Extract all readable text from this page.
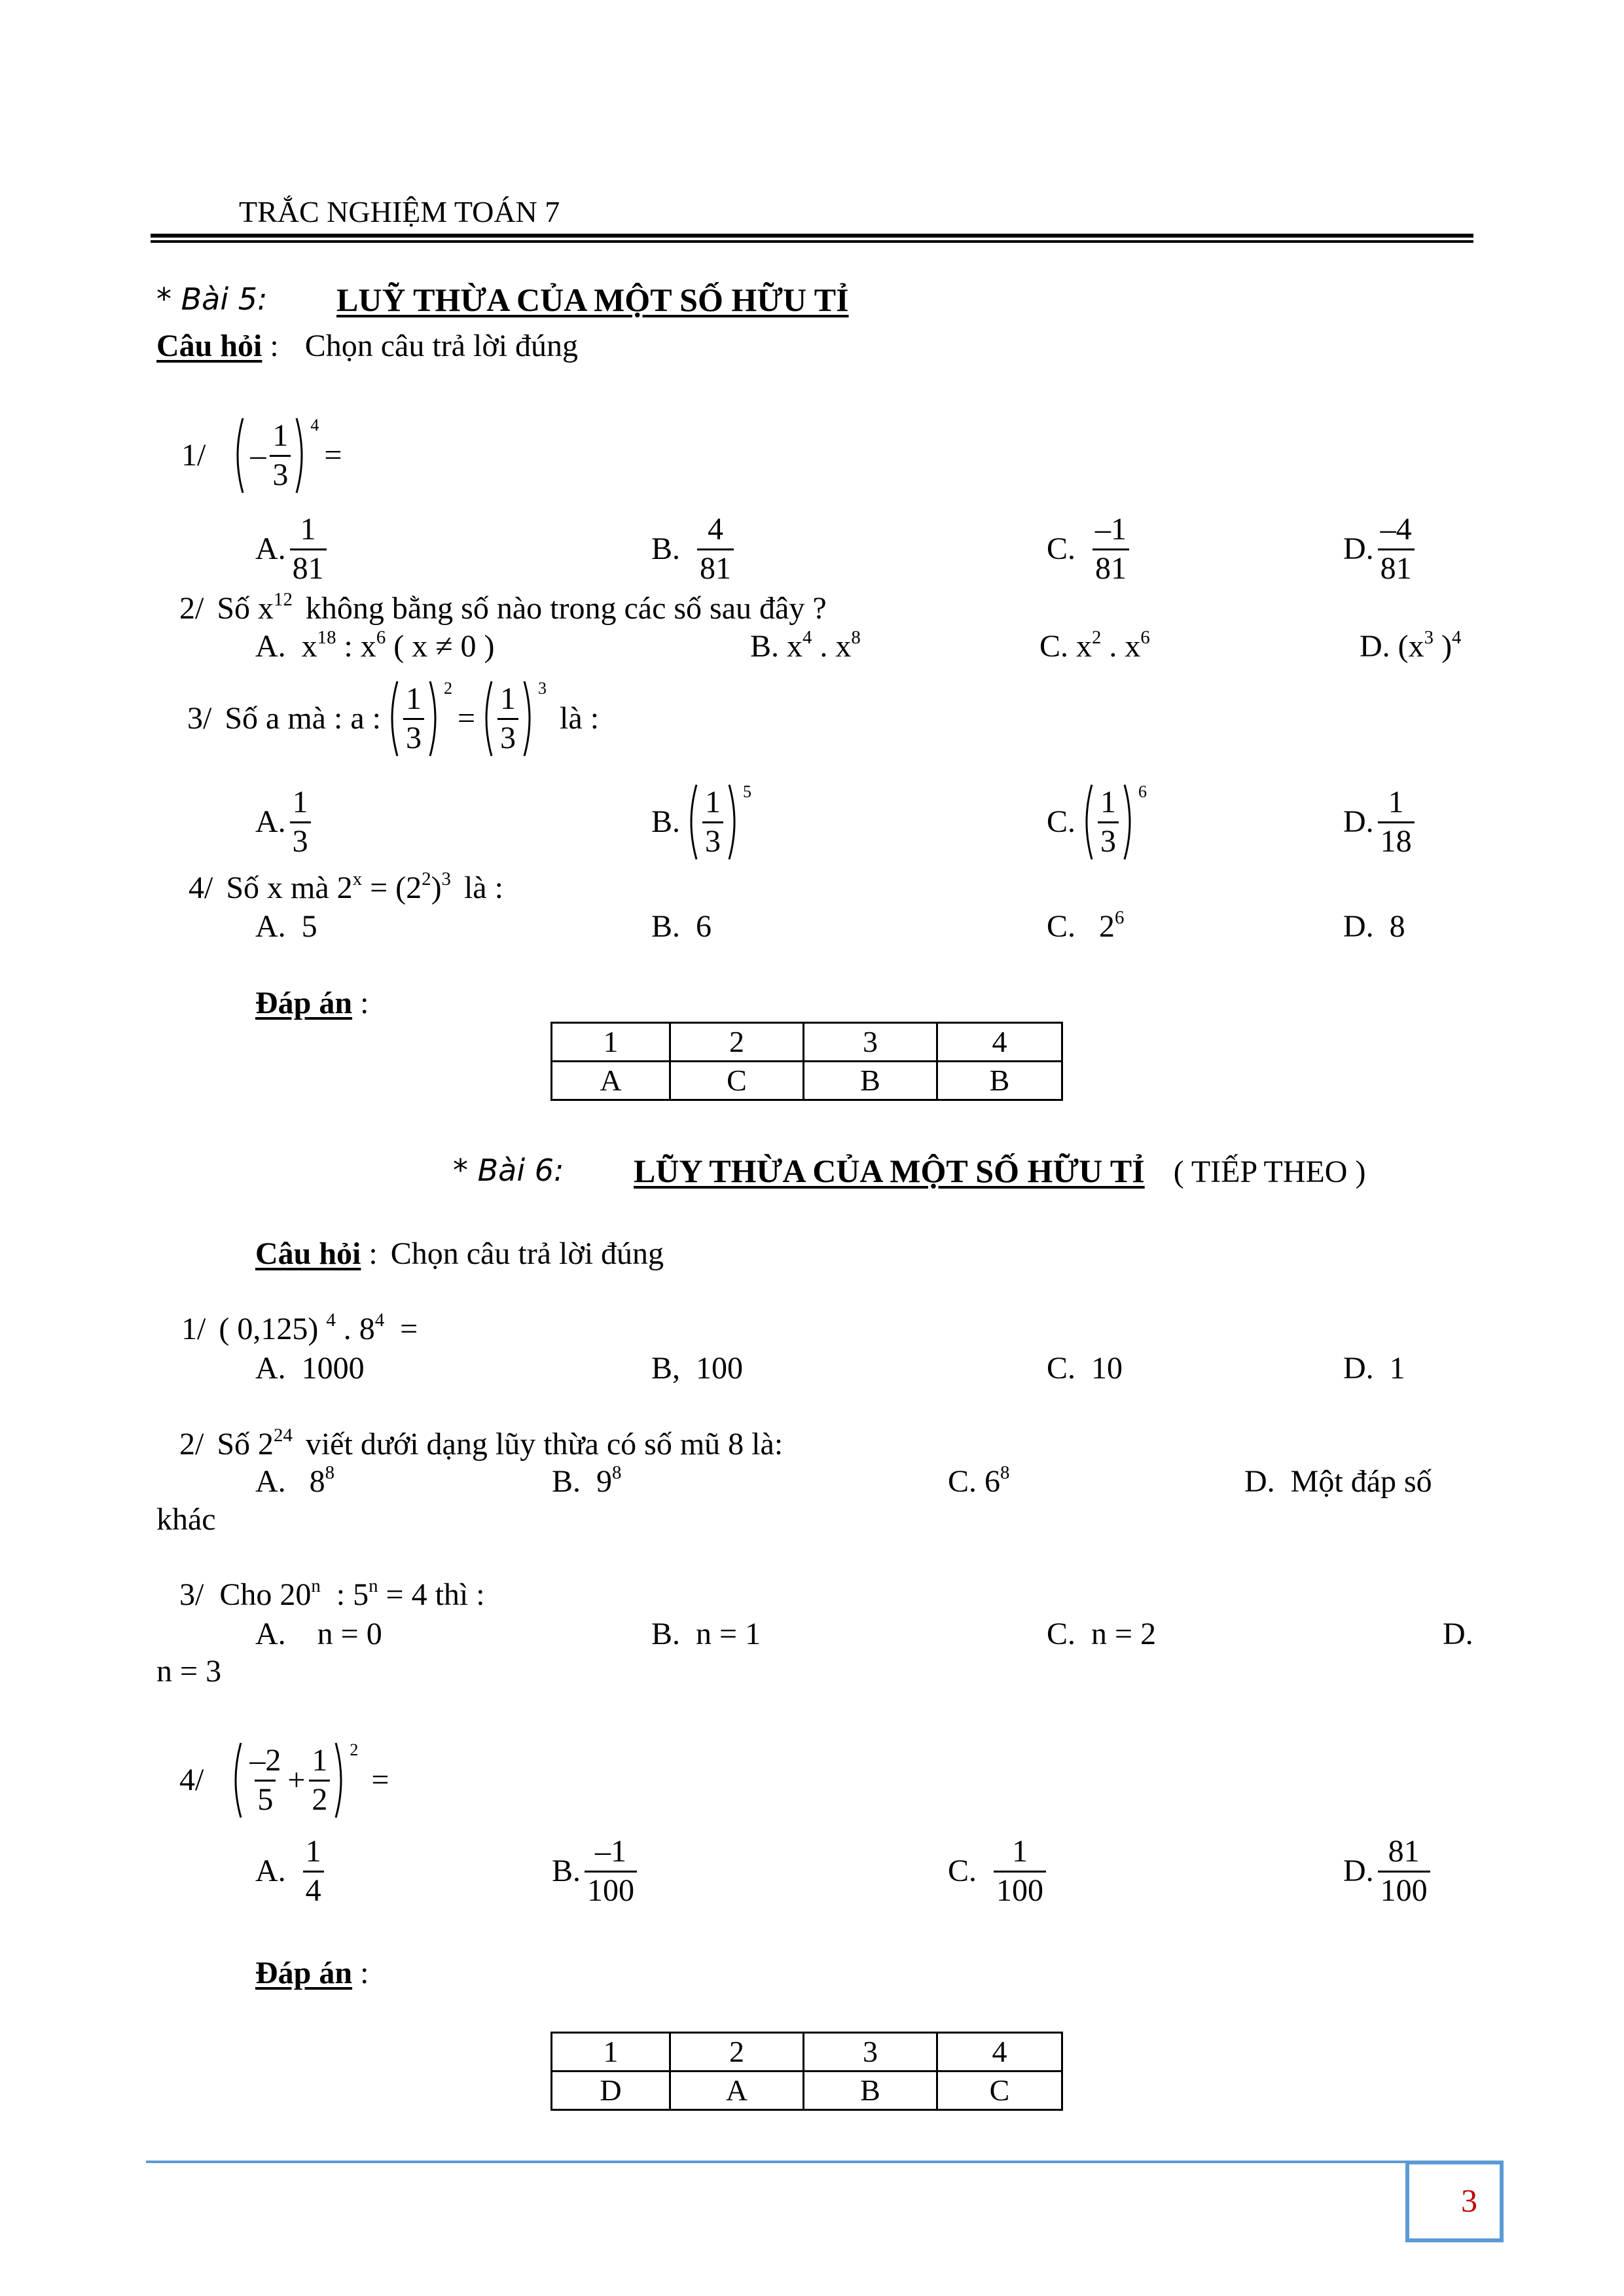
TRẮC NGHIỆM TOÁN 7
* Bài 5: LUỸ THỪA CỦA MỘT SỐ HỮU TỈ
Câu hỏi : Chọn câu trả lời đúng
$1/ - \frac{1}{3} 4$
=
A. $\frac{1}{81}$	B. $\frac{4}{81}$	C. $\frac{-1}{81}$	D. $\frac{-4}{81}$
2/ Số $x^{12}$ không bằng số nào trong các số sau đây ?
A. $x^{18}$ : $x^6$ ( x ≠ 0 )	B. $x^4$ . $x^8$	C. $x^2$ . $x^6$	D. ($x^3$ )$^4$
3/ Số a mà : a : $\frac{1}{3} 2$
= $\frac{1}{3} 3$
là :
A. $\frac{1}{3}$	B. $\frac{1}{3} 5$
C. $\frac{1}{3} 6$
D. $\frac{1}{18}$
4/ Số x mà $2^x = (2^2)^3$ là :
A. 5	B. 6	C. $2^6$	D. 8
Đáp án :
1	2	3	4
A	C	B	B
* Bài 6: LŨY THỪA CỦA MỘT SỐ HỮU TỈ ( TIẾP THEO )
Câu hỏi : Chọn câu trả lời đúng
1/ ( 0,125) $^4$ . $8^4$ =
A. 1000	B, 100	C. 10	D. 1
2/ Số $2^{24}$ viết dưới dạng lũy thừa có số mũ 8 là:
A. $8^8$	B. $9^8$	C. $6^8$	D. Một đáp số
khác
3/ Cho 20$^n$ : $5^n = 4$ thì :
A. n = 0	B. n = 1	C. n = 2	D.
n = 3
$4/ \frac{-2}{5} + \frac{1}{2} 2$
=
A. $\frac{1}{4}$	B. $\frac{-1}{100}$	C. $\frac{1}{100}$	D. $\frac{81}{100}$
Đáp án :
1	2	3	4
D	A	B	C
3
